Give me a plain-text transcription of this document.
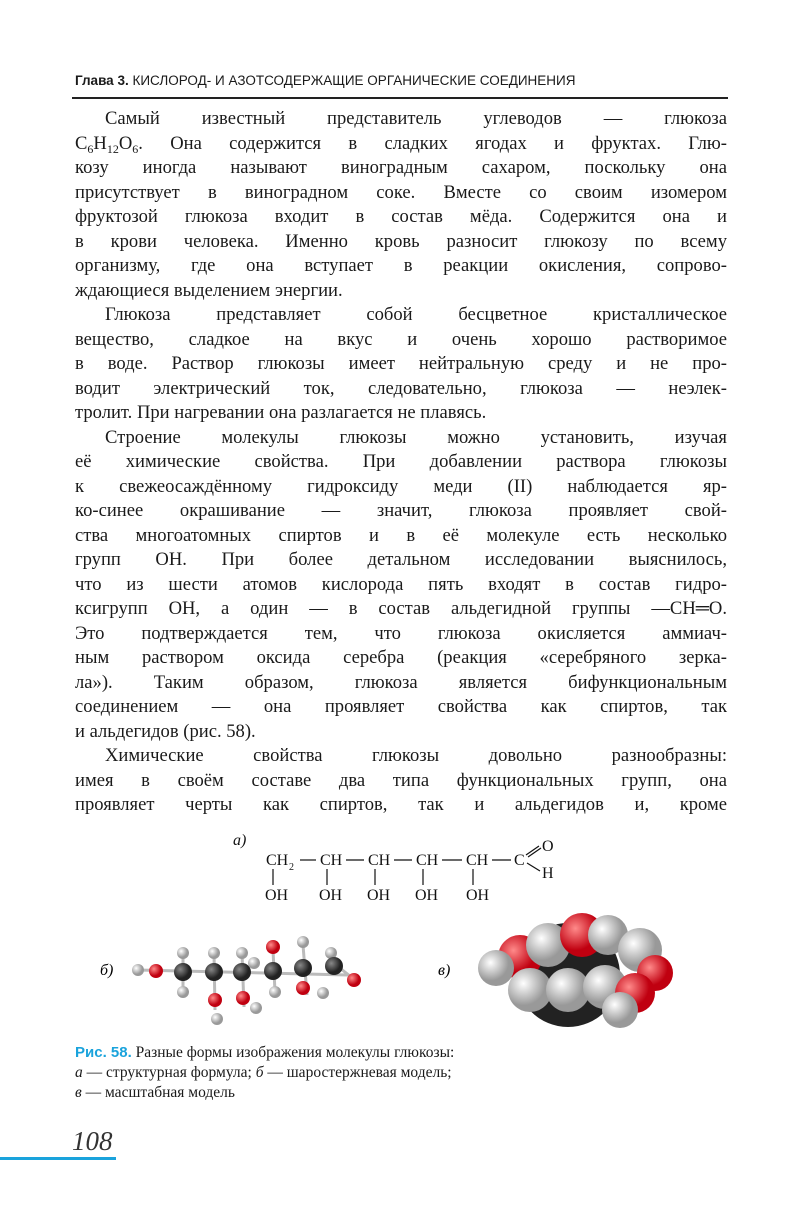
Глава 3. КИСЛОРОД- И АЗОТСОДЕРЖАЩИЕ ОРГАНИЧЕСКИЕ СОЕДИНЕНИЯ
Самый известный представитель углеводов — глюкоза
$C_6H_{12}O_6$. Она содержится в сладких ягодах и фруктах. Глю-
козу иногда называют виноградным сахаром, поскольку она
присутствует в виноградном соке. Вместе со своим изомером
фруктозой глюкоза входит в состав мёда. Содержится она и
в крови человека. Именно кровь разносит глюкозу по всему
организму, где она вступает в реакции окисления, сопрово-
ждающиеся выделением энергии.
Глюкоза представляет собой бесцветное кристаллическое
вещество, сладкое на вкус и очень хорошо растворимое
в воде. Раствор глюкозы имеет нейтральную среду и не про-
водит электрический ток, следовательно, глюкоза — неэлек-
тролит. При нагревании она разлагается не плавясь.
Строение молекулы глюкозы можно установить, изучая
её химические свойства. При добавлении раствора глюкозы
к свежеосаждённому гидроксиду меди (II) наблюдается яр-
ко-синее окрашивание — значит, глюкоза проявляет свой-
ства многоатомных спиртов и в её молекуле есть несколько
групп OH. При более детальном исследовании выяснилось,
что из шести атомов кислорода пять входят в состав гидро-
ксигрупп OH, а один — в состав альдегидной группы —CH═O.
Это подтверждается тем, что глюкоза окисляется аммиач-
ным раствором оксида серебра (реакция «серебряного зерка-
ла»). Таким образом, глюкоза является бифункциональным
соединением — она проявляет свойства как спиртов, так
и альдегидов (рис. 58).
Химические свойства глюкозы довольно разнообразны:
имея в своём составе два типа функциональных групп, она
проявляет черты как спиртов, так и альдегидов и, кроме
а)
CH 2 CH CH CH CH C
O
H
OH OH OH OH OH
б)	в)
Рис. 58. Разные формы изображения молекулы глюкозы:
а — структурная формула; б — шаростержневая модель;
в — масштабная модель
108
